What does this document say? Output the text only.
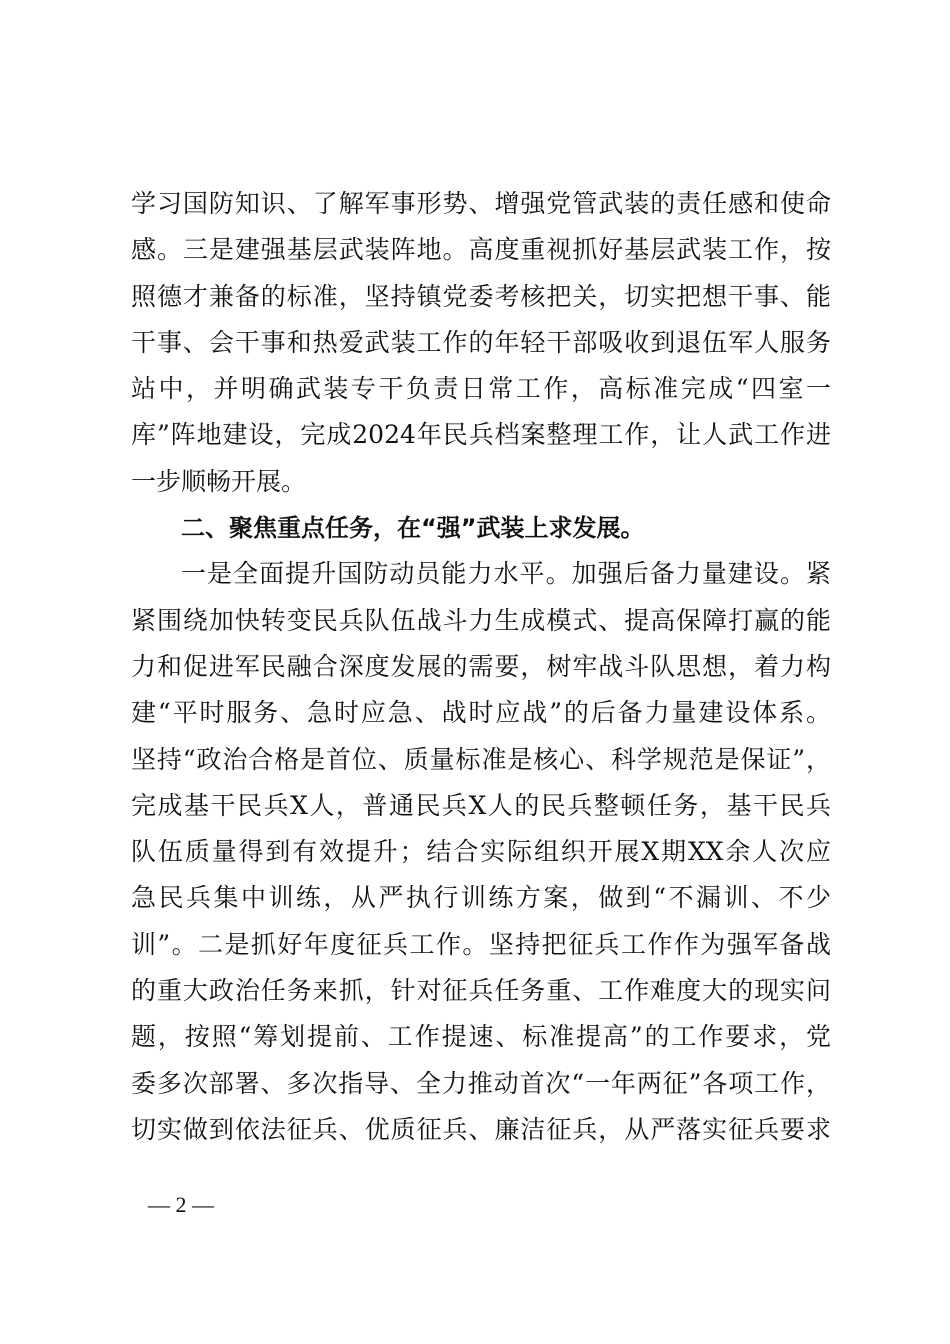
学习国防知识、了解军事形势、增强党管武装的责任感和使命
感。三是建强基层武装阵地。高度重视抓好基层武装工作，按
照德才兼备的标准，坚持镇党委考核把关，切实把想干事、能
干事、会干事和热爱武装工作的年轻干部吸收到退伍军人服务
站中，并明确武装专干负责日常工作，高标准完成“四室一
库”阵地建设，完成2024年民兵档案整理工作，让人武工作进
一步顺畅开展。
二、聚焦重点任务，在“强”武装上求发展。
一是全面提升国防动员能力水平。加强后备力量建设。紧
紧围绕加快转变民兵队伍战斗力生成模式、提高保障打赢的能
力和促进军民融合深度发展的需要，树牢战斗队思想，着力构
建“平时服务、急时应急、战时应战”的后备力量建设体系。
坚持“政治合格是首位、质量标准是核心、科学规范是保证”，
完成基干民兵X人，普通民兵X人的民兵整顿任务，基干民兵
队伍质量得到有效提升；结合实际组织开展X期XX余人次应
急民兵集中训练，从严执行训练方案，做到“不漏训、不少
训”。二是抓好年度征兵工作。坚持把征兵工作作为强军备战
的重大政治任务来抓，针对征兵任务重、工作难度大的现实问
题，按照“筹划提前、工作提速、标准提高”的工作要求，党
委多次部署、多次指导、全力推动首次“一年两征”各项工作，
切实做到依法征兵、优质征兵、廉洁征兵，从严落实征兵要求
— 2 —
